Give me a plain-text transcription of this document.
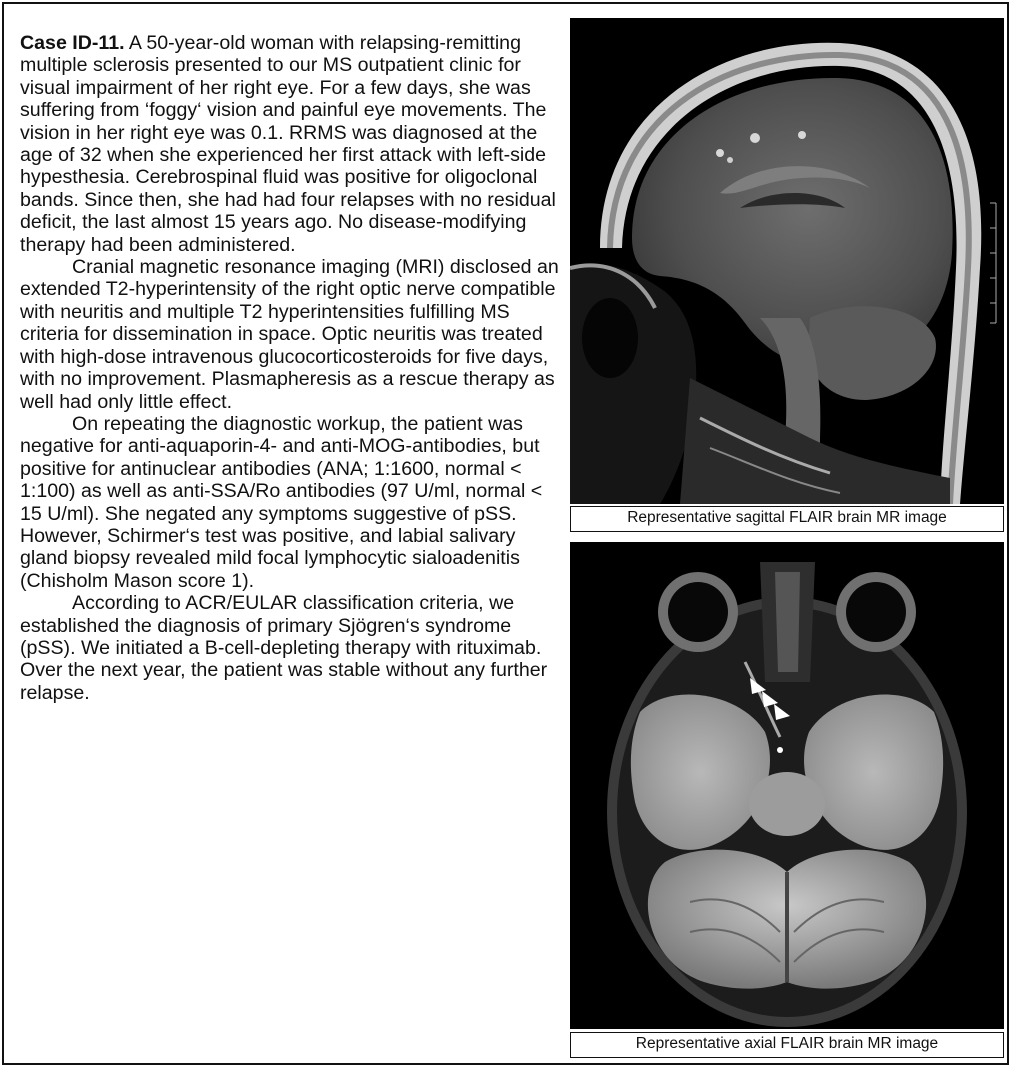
Case ID-11. A 50-year-old woman with relapsing-remitting multiple sclerosis presented to our MS outpatient clinic for visual impairment of her right eye. For a few days, she was suffering from ‘foggy‘ vision and painful eye movements. The vision in her right eye was 0.1. RRMS was diagnosed at the age of 32 when she experienced her first attack with left-side hypesthesia. Cerebrospinal fluid was positive for oligoclonal bands. Since then, she had had four relapses with no residual deficit, the last almost 15 years ago. No disease-modifying therapy had been administered.

Cranial magnetic resonance imaging (MRI) disclosed an extended T2-hyperintensity of the right optic nerve compatible with neuritis and multiple T2 hyperintensities fulfilling MS criteria for dissemination in space. Optic neuritis was treated with high-dose intravenous glucocorticosteroids for five days, with no improvement. Plasmapheresis as a rescue therapy as well had only little effect.

On repeating the diagnostic workup, the patient was negative for anti-aquaporin-4- and anti-MOG-antibodies, but positive for antinuclear antibodies (ANA; 1:1600, normal < 1:100) as well as anti-SSA/Ro antibodies (97 U/ml, normal < 15 U/ml). She negated any symptoms suggestive of pSS. However, Schirmer‘s test was positive, and labial salivary gland biopsy revealed mild focal lymphocytic sialoadenitis (Chisholm Mason score 1).

According to ACR/EULAR classification criteria, we established the diagnosis of primary Sjögren‘s syndrome (pSS). We initiated a B-cell-depleting therapy with rituximab. Over the next year, the patient was stable without any further relapse.

Representative sagittal FLAIR brain MR image
Representative axial FLAIR brain MR image
